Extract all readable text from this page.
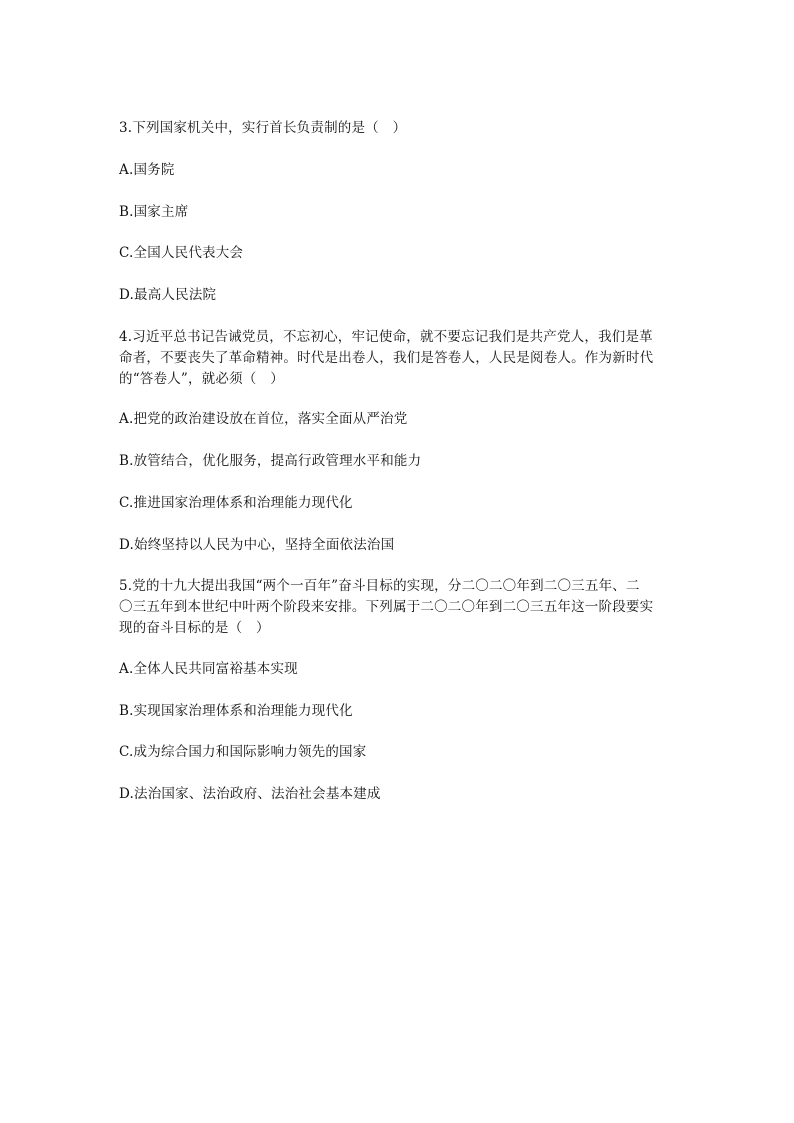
3.下列国家机关中，实行首长负责制的是（　）
A.国务院
B.国家主席
C.全国人民代表大会
D.最高人民法院
4.习近平总书记告诫党员，不忘初心，牢记使命，就不要忘记我们是共产党人，我们是革
命者，不要丧失了革命精神。时代是出卷人，我们是答卷人，人民是阅卷人。作为新时代
的“答卷人”，就必须（　）
A.把党的政治建设放在首位，落实全面从严治党
B.放管结合，优化服务，提高行政管理水平和能力
C.推进国家治理体系和治理能力现代化
D.始终坚持以人民为中心，坚持全面依法治国
5.党的十九大提出我国“两个一百年”奋斗目标的实现，分二〇二〇年到二〇三五年、二
〇三五年到本世纪中叶两个阶段来安排。下列属于二〇二〇年到二〇三五年这一阶段要实
现的奋斗目标的是（　）
A.全体人民共同富裕基本实现
B.实现国家治理体系和治理能力现代化
C.成为综合国力和国际影响力领先的国家
D.法治国家、法治政府、法治社会基本建成
